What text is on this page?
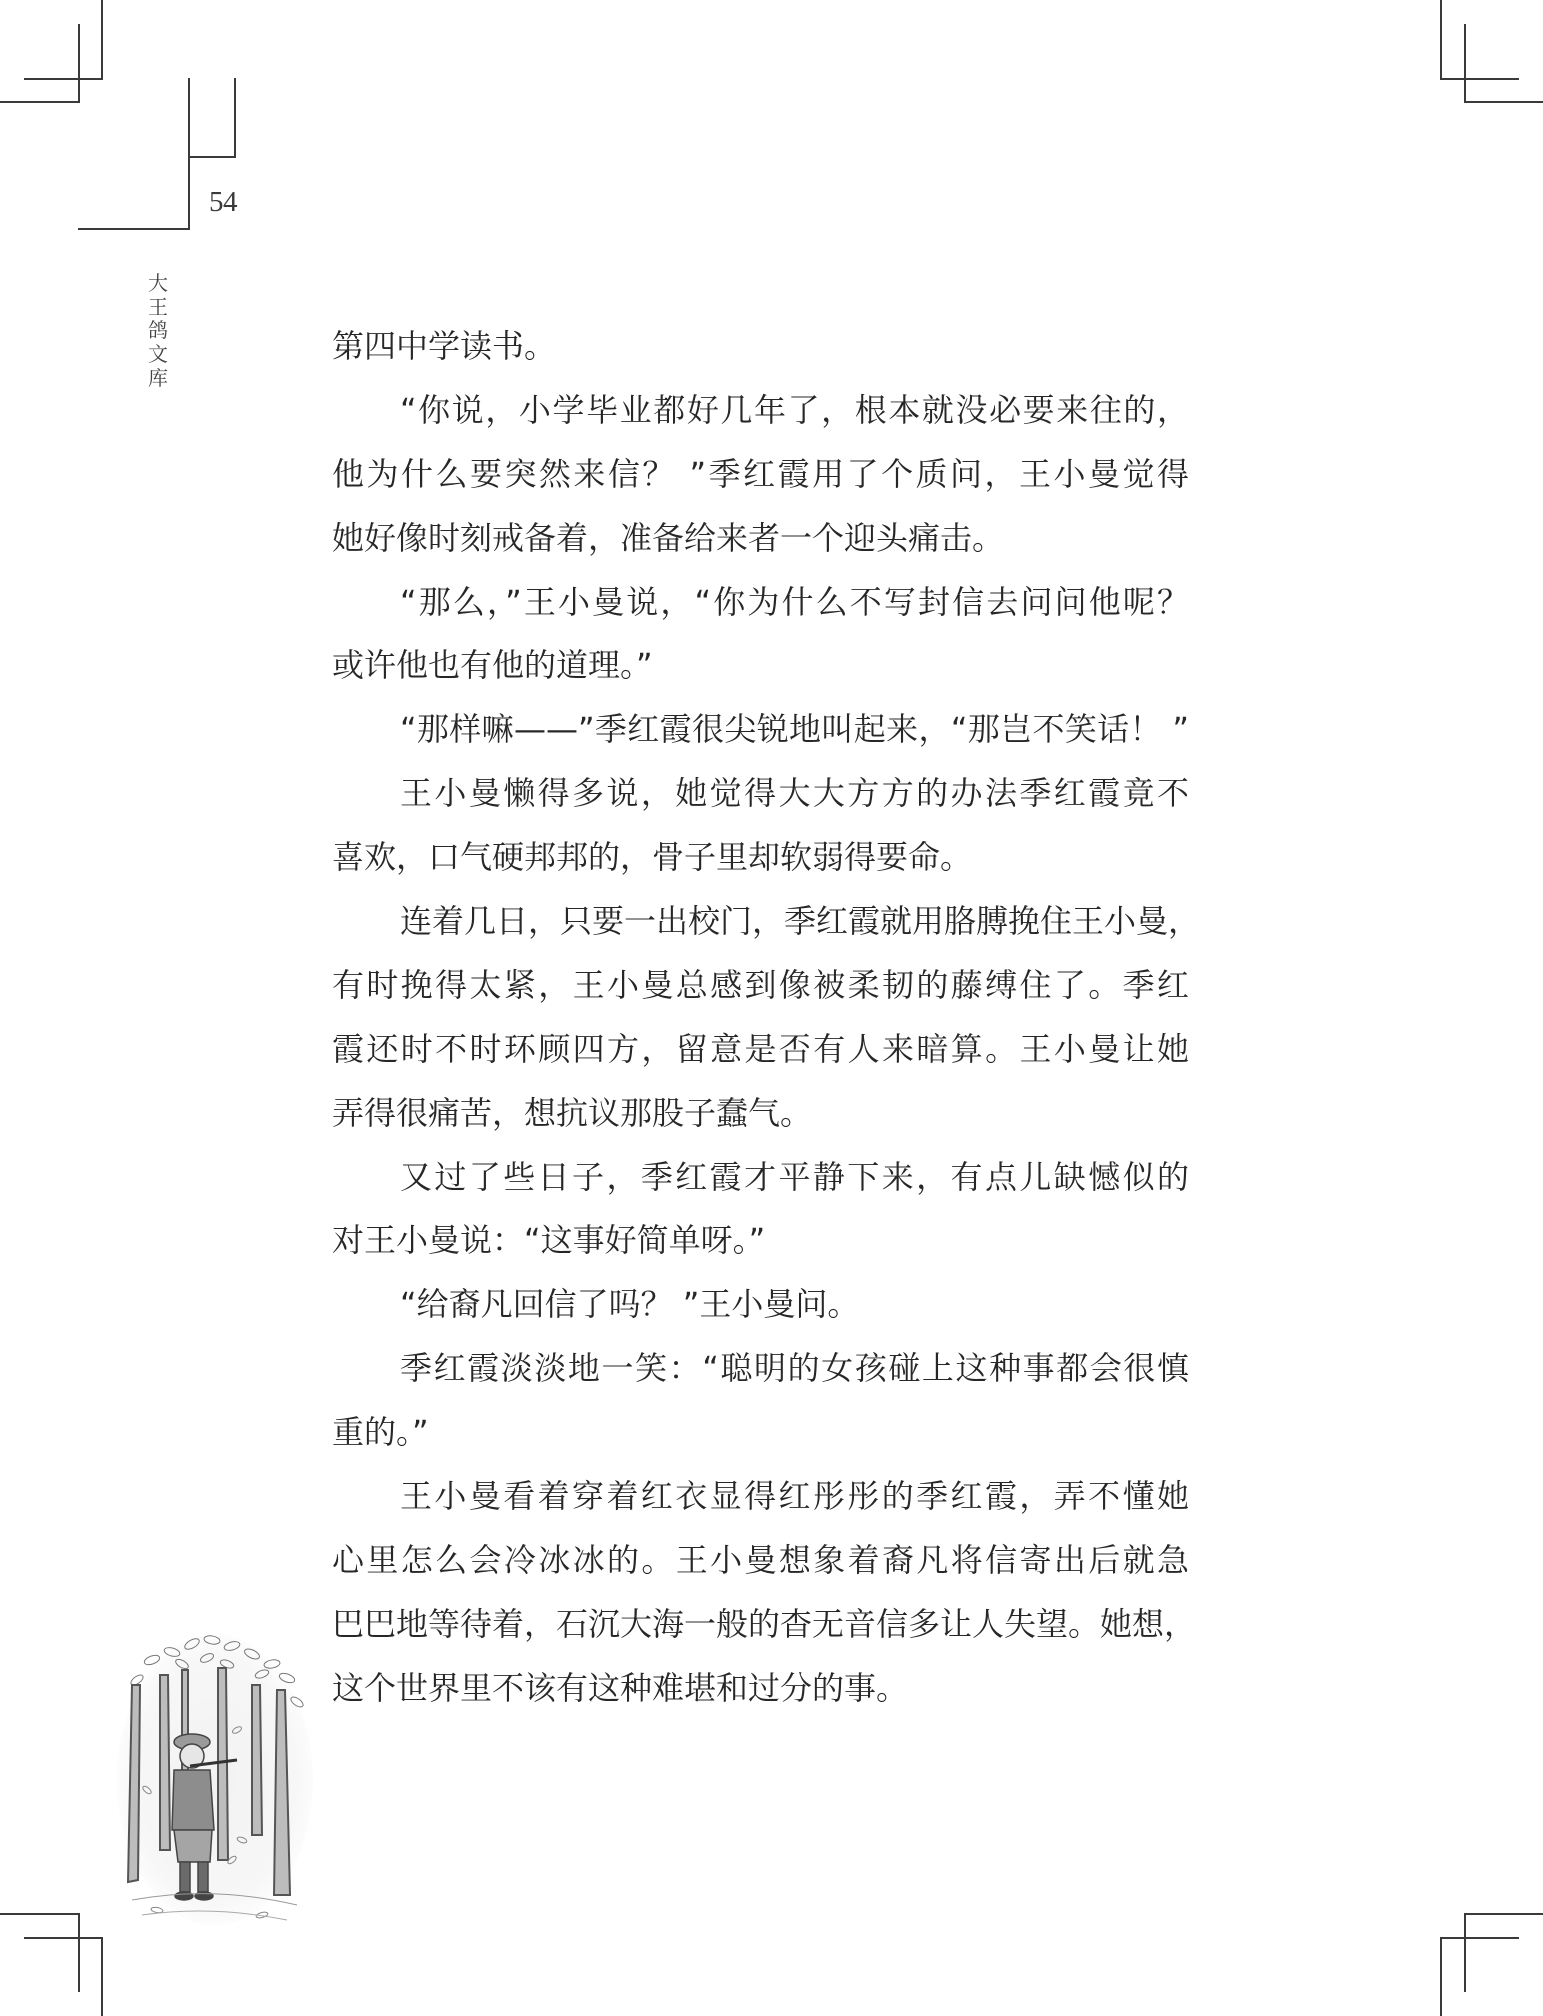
54
大
王
鸽
文
库
第四中学读书。
“你说，小学毕业都好几年了，根本就没必要来往的，
他为什么要突然来信？ ”季红霞用了个质问，王小曼觉得
她好像时刻戒备着，准备给来者一个迎头痛击。
“那么，”王小曼说，“你为什么不写封信去问问他呢？
或许他也有他的道理。”
“那样嘛——”季红霞很尖锐地叫起来，“那岂不笑话！ ”
王小曼懒得多说，她觉得大大方方的办法季红霞竟不
喜欢，口气硬邦邦的，骨子里却软弱得要命。
连着几日，只要一出校门，季红霞就用胳膊挽住王小曼，
有时挽得太紧，王小曼总感到像被柔韧的藤缚住了。季红
霞还时不时环顾四方，留意是否有人来暗算。王小曼让她
弄得很痛苦，想抗议那股子蠢气。
又过了些日子，季红霞才平静下来，有点儿缺憾似的
对王小曼说：“这事好简单呀。”
“给裔凡回信了吗？ ”王小曼问。
季红霞淡淡地一笑：“聪明的女孩碰上这种事都会很慎
重的。”
王小曼看着穿着红衣显得红彤彤的季红霞，弄不懂她
心里怎么会冷冰冰的。王小曼想象着裔凡将信寄出后就急
巴巴地等待着，石沉大海一般的杳无音信多让人失望。她想，
这个世界里不该有这种难堪和过分的事。
